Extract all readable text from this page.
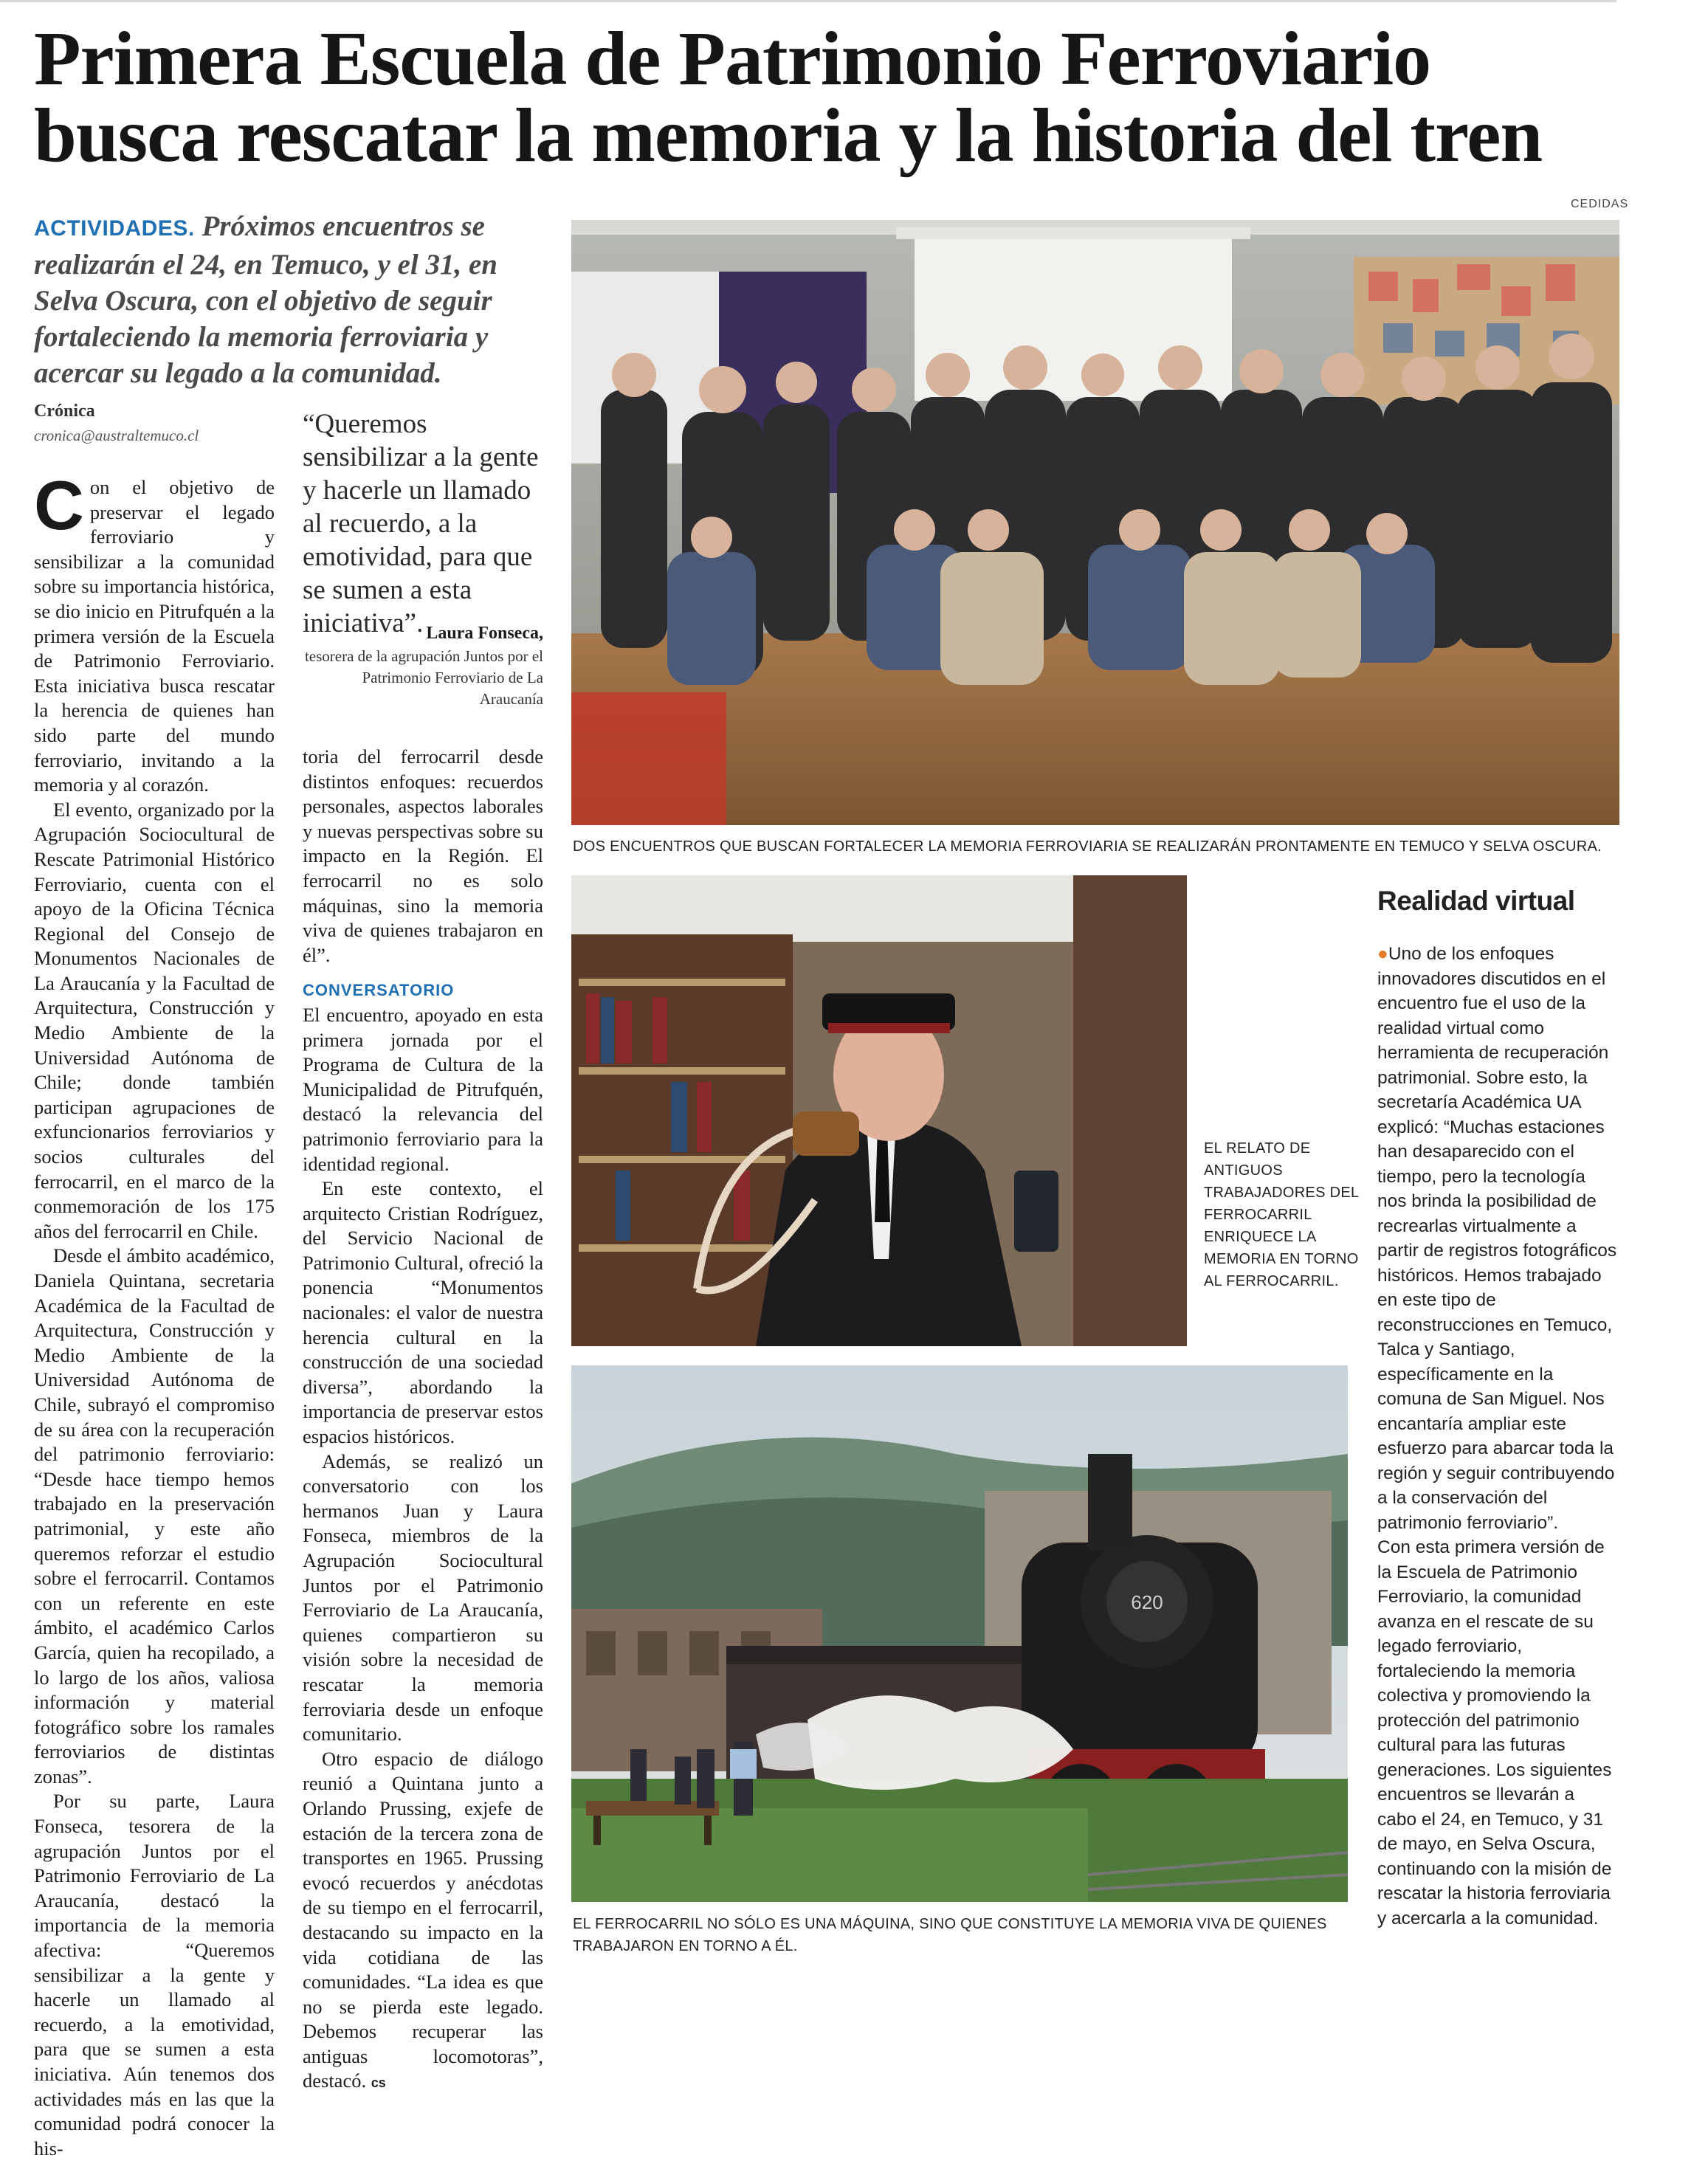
Primera Escuela de Patrimonio Ferroviario
busca rescatar la memoria y la historia del tren
CEDIDAS
ACTIVIDADES. Próximos encuentros se realizarán el 24, en Temuco, y el 31, en Selva Oscura, con el objetivo de seguir fortaleciendo la memoria ferroviaria y acercar su legado a la comunidad.
Crónica
cronica@australtemuco.cl

Con el objetivo de preservar el legado ferroviario y sensibilizar a la comunidad sobre su importancia histórica, se dio inicio en Pitrufquén a la primera versión de la Escuela de Patrimonio Ferroviario. Esta iniciativa busca rescatar la herencia de quienes han sido parte del mundo ferroviario, invitando a la memoria y al corazón.

El evento, organizado por la Agrupación Sociocultural de Rescate Patrimonial Histórico Ferroviario, cuenta con el apoyo de la Oficina Técnica Regional del Consejo de Monumentos Nacionales de La Araucanía y la Facultad de Arquitectura, Construcción y Medio Ambiente de la Universidad Autónoma de Chile; donde también participan agrupaciones de exfuncionarios ferroviarios y socios culturales del ferrocarril, en el marco de la conmemoración de los 175 años del ferrocarril en Chile.

Desde el ámbito académico, Daniela Quintana, secretaria Académica de la Facultad de Arquitectura, Construcción y Medio Ambiente de la Universidad Autónoma de Chile, subrayó el compromiso de su área con la recuperación del patrimonio ferroviario: “Desde hace tiempo hemos trabajado en la preservación patrimonial, y este año queremos reforzar el estudio sobre el ferrocarril. Contamos con un referente en este ámbito, el académico Carlos García, quien ha recopilado, a lo largo de los años, valiosa información y material fotográfico sobre los ramales ferroviarios de distintas zonas”.

Por su parte, Laura Fonseca, tesorera de la agrupación Juntos por el Patrimonio Ferroviario de La Araucanía, destacó la importancia de la memoria afectiva: “Queremos sensibilizar a la gente y hacerle un llamado al recuerdo, a la emotividad, para que se sumen a esta iniciativa. Aún tenemos dos actividades más en las que la comunidad podrá conocer la his-

“Queremos sensibilizar a la gente y hacerle un llamado al recuerdo, a la emotividad, para que se sumen a esta iniciativa”. Laura Fonseca,
tesorera de la agrupación Juntos por el Patrimonio Ferroviario de La Araucanía

toria del ferrocarril desde distintos enfoques: recuerdos personales, aspectos laborales y nuevas perspectivas sobre su impacto en la Región. El ferrocarril no es solo máquinas, sino la memoria viva de quienes trabajaron en él”.

CONVERSATORIO

El encuentro, apoyado en esta primera jornada por el Programa de Cultura de la Municipalidad de Pitrufquén, destacó la relevancia del patrimonio ferroviario para la identidad regional.

En este contexto, el arquitecto Cristian Rodríguez, del Servicio Nacional de Patrimonio Cultural, ofreció la ponencia “Monumentos nacionales: el valor de nuestra herencia cultural en la construcción de una sociedad diversa”, abordando la importancia de preservar estos espacios históricos.

Además, se realizó un conversatorio con los hermanos Juan y Laura Fonseca, miembros de la Agrupación Sociocultural Juntos por el Patrimonio Ferroviario de La Araucanía, quienes compartieron su visión sobre la necesidad de rescatar la memoria ferroviaria desde un enfoque comunitario.

Otro espacio de diálogo reunió a Quintana junto a Orlando Prussing, exjefe de estación de la tercera zona de transportes en 1965. Prussing evocó recuerdos y anécdotas de su tiempo en el ferrocarril, destacando su impacto en la vida cotidiana de las comunidades. “La idea es que no se pierda este legado. Debemos recuperar las antiguas locomotoras”, destacó. cs

DOS ENCUENTROS QUE BUSCAN FORTALECER LA MEMORIA FERROVIARIA SE REALIZARÁN PRONTAMENTE EN TEMUCO Y SELVA OSCURA.
EL RELATO DE ANTIGUOS TRABAJADORES DEL FERROCARRIL ENRIQUECE LA MEMORIA EN TORNO AL FERROCARRIL.
620
EL FERROCARRIL NO SÓLO ES UNA MÁQUINA, SINO QUE CONSTITUYE LA MEMORIA VIVA DE QUIENES TRABAJARON EN TORNO A ÉL.
Realidad virtual

●Uno de los enfoques innovadores discutidos en el encuentro fue el uso de la realidad virtual como herramienta de recuperación patrimonial. Sobre esto, la secretaría Académica UA explicó: “Muchas estaciones han desaparecido con el tiempo, pero la tecnología nos brinda la posibilidad de recrearlas virtualmente a partir de registros fotográficos históricos. Hemos trabajado en este tipo de reconstrucciones en Temuco, Talca y Santiago, específicamente en la comuna de San Miguel. Nos encantaría ampliar este esfuerzo para abarcar toda la región y seguir contribuyendo a la conservación del patrimonio ferroviario”.

Con esta primera versión de la Escuela de Patrimonio Ferroviario, la comunidad avanza en el rescate de su legado ferroviario, fortaleciendo la memoria colectiva y promoviendo la protección del patrimonio cultural para las futuras generaciones. Los siguientes encuentros se llevarán a cabo el 24, en Temuco, y 31 de mayo, en Selva Oscura, continuando con la misión de rescatar la historia ferroviaria y acercarla a la comunidad.
